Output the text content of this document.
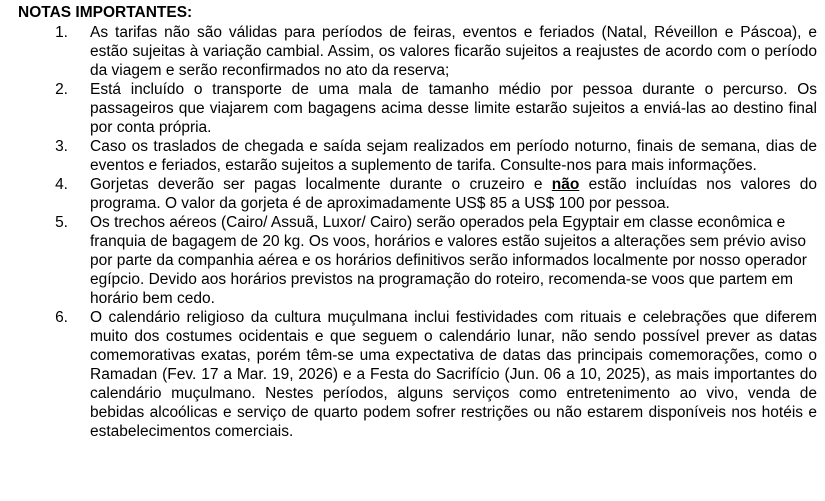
NOTAS IMPORTANTES:
1. As tarifas não são válidas para períodos de feiras, eventos e feriados (Natal, Réveillon e Páscoa), e estão sujeitas à variação cambial. Assim, os valores ficarão sujeitos a reajustes de acordo com o período da viagem e serão reconfirmados no ato da reserva;
2. Está incluído o transporte de uma mala de tamanho médio por pessoa durante o percurso. Os passageiros que viajarem com bagagens acima desse limite estarão sujeitos a enviá-las ao destino final por conta própria.
3. Caso os traslados de chegada e saída sejam realizados em período noturno, finais de semana, dias de eventos e feriados, estarão sujeitos a suplemento de tarifa. Consulte-nos para mais informações.
4. Gorjetas deverão ser pagas localmente durante o cruzeiro e não estão incluídas nos valores do programa. O valor da gorjeta é de aproximadamente US$ 85 a US$ 100 por pessoa.
5. Os trechos aéreos (Cairo/ Assuã, Luxor/ Cairo) serão operados pela Egyptair em classe econômica e franquia de bagagem de 20 kg. Os voos, horários e valores estão sujeitos a alterações sem prévio aviso por parte da companhia aérea e os horários definitivos serão informados localmente por nosso operador egípcio. Devido aos horários previstos na programação do roteiro, recomenda-se voos que partem em horário bem cedo.
6. O calendário religioso da cultura muçulmana inclui festividades com rituais e celebrações que diferem muito dos costumes ocidentais e que seguem o calendário lunar, não sendo possível prever as datas comemorativas exatas, porém têm-se uma expectativa de datas das principais comemorações, como o Ramadan (Fev. 17 a Mar. 19, 2026) e a Festa do Sacrifício (Jun. 06 a 10, 2025), as mais importantes do calendário muçulmano. Nestes períodos, alguns serviços como entretenimento ao vivo, venda de bebidas alcoólicas e serviço de quarto podem sofrer restrições ou não estarem disponíveis nos hotéis e estabelecimentos comerciais.
